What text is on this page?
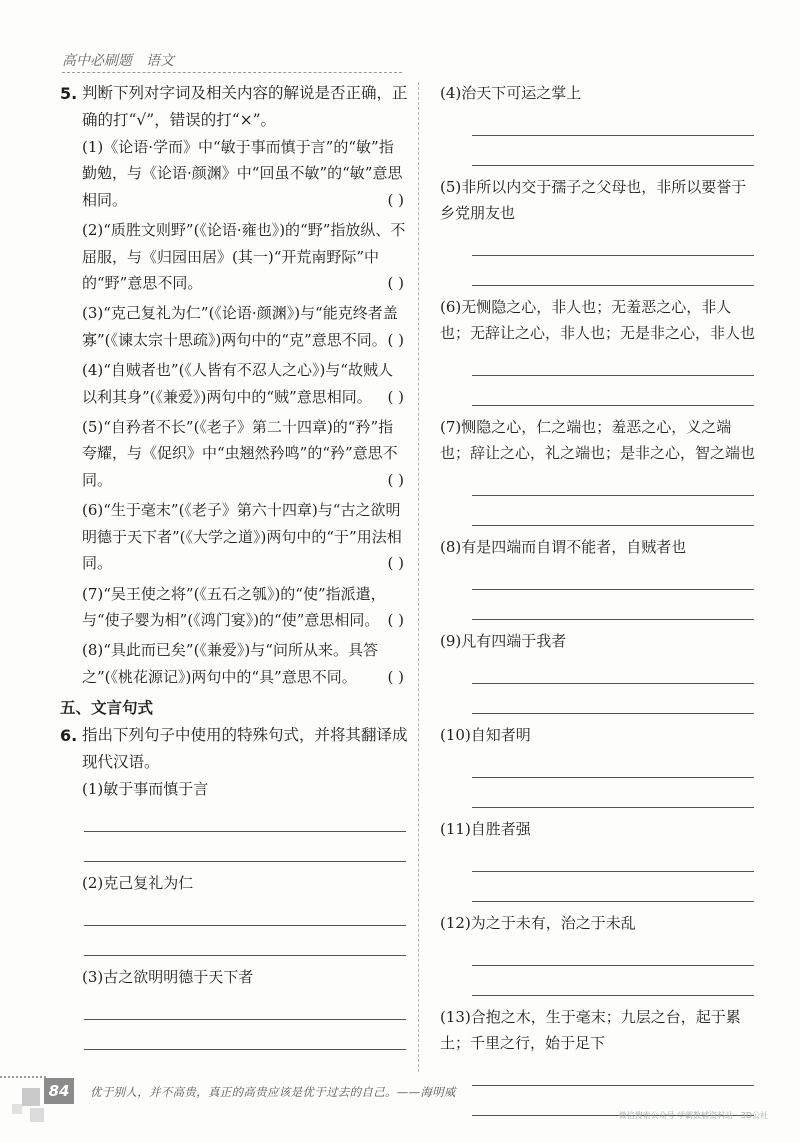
高中必刷题 语文
5. 判断下列对字词及相关内容的解说是否正确，正确的打“√”，错误的打“×”。
(1)《论语·学而》中“敏于事而慎于言”的“敏”指勤勉，与《论语·颜渊》中“回虽不敏”的“敏”意思相同。	( )
(2)“质胜文则野”(《论语·雍也》)的“野”指放纵、不屈服，与《归园田居》(其一)“开荒南野际”中的“野”意思不同。	( )
(3)“克己复礼为仁”(《论语·颜渊》)与“能克终者盖寡”(《谏太宗十思疏》)两句中的“克”意思不同。 ( )
(4)“自贼者也”(《人皆有不忍人之心》)与“故贼人以利其身”(《兼爱》)两句中的“贼”意思相同。	( )
(5)“自矜者不长”(《老子》第二十四章)的“矜”指夸耀，与《促织》中“虫翘然矜鸣”的“矜”意思不同。	( )
(6)“生于毫末”(《老子》第六十四章)与“古之欲明明德于天下者”(《大学之道》)两句中的“于”用法相同。	( )
(7)“吴王使之将”(《五石之瓠》)的“使”指派遣，与“使子婴为相”(《鸿门宴》)的“使”意思相同。 ( )
(8)“具此而已矣”(《兼爱》)与“问所从来。具答之”(《桃花源记》)两句中的“具”意思不同。	( )
五、文言句式
6. 指出下列句子中使用的特殊句式，并将其翻译成现代汉语。

(1)敏于事而慎于言

(2)克己复礼为仁

(3)古之欲明明德于天下者

(4)治天下可运之掌上

(5)非所以内交于孺子之父母也，非所以要誉于乡党朋友也

(6)无恻隐之心，非人也；无羞恶之心，非人也；无辞让之心，非人也；无是非之心，非人也

(7)恻隐之心，仁之端也；羞恶之心，义之端也；辞让之心，礼之端也；是非之心，智之端也

(8)有是四端而自谓不能者，自贼者也

(9)凡有四端于我者

(10)自知者明

(11)自胜者强

(12)为之于未有，治之于未乱

(13)合抱之木，生于毫末；九层之台，起于累土；千里之行，始于足下

84	优于别人，并不高贵，真正的高贵应该是优于过去的自己。——海明威
微信搜索公众号 学霸数辅资料站 · 3D公社
